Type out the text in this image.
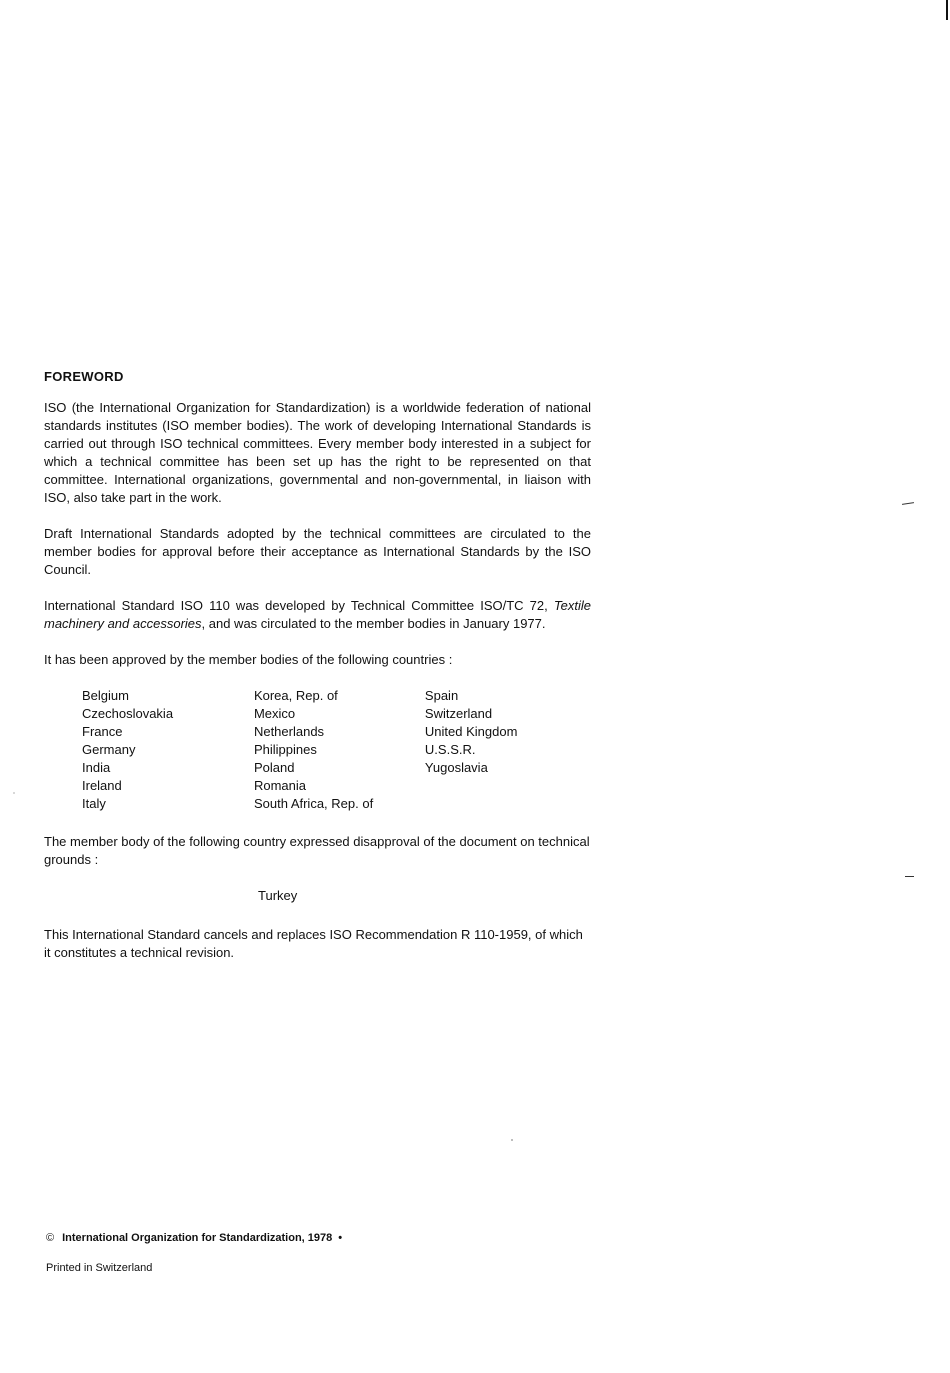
FOREWORD

ISO (the International Organization for Standardization) is a worldwide federation of national standards institutes (ISO member bodies). The work of developing International Standards is carried out through ISO technical committees. Every member body interested in a subject for which a technical committee has been set up has the right to be represented on that committee. International organizations, governmental and non-governmental, in liaison with ISO, also take part in the work.

Draft International Standards adopted by the technical committees are circulated to the member bodies for approval before their acceptance as International Standards by the ISO Council.

International Standard ISO 110 was developed by Technical Committee ISO/TC 72, Textile machinery and accessories, and was circulated to the member bodies in January 1977.

It has been approved by the member bodies of the following countries :

Belgium
Czechoslovakia
France
Germany
India
Ireland
Italy
Korea, Rep. of
Mexico
Netherlands
Philippines
Poland
Romania
South Africa, Rep. of
Spain
Switzerland
United Kingdom
U.S.S.R.
Yugoslavia

The member body of the following country expressed disapproval of the document on technical grounds :

Turkey

This International Standard cancels and replaces ISO Recommendation R 110-1959, of which it constitutes a technical revision.

© International Organization for Standardization, 1978 •
Printed in Switzerland
